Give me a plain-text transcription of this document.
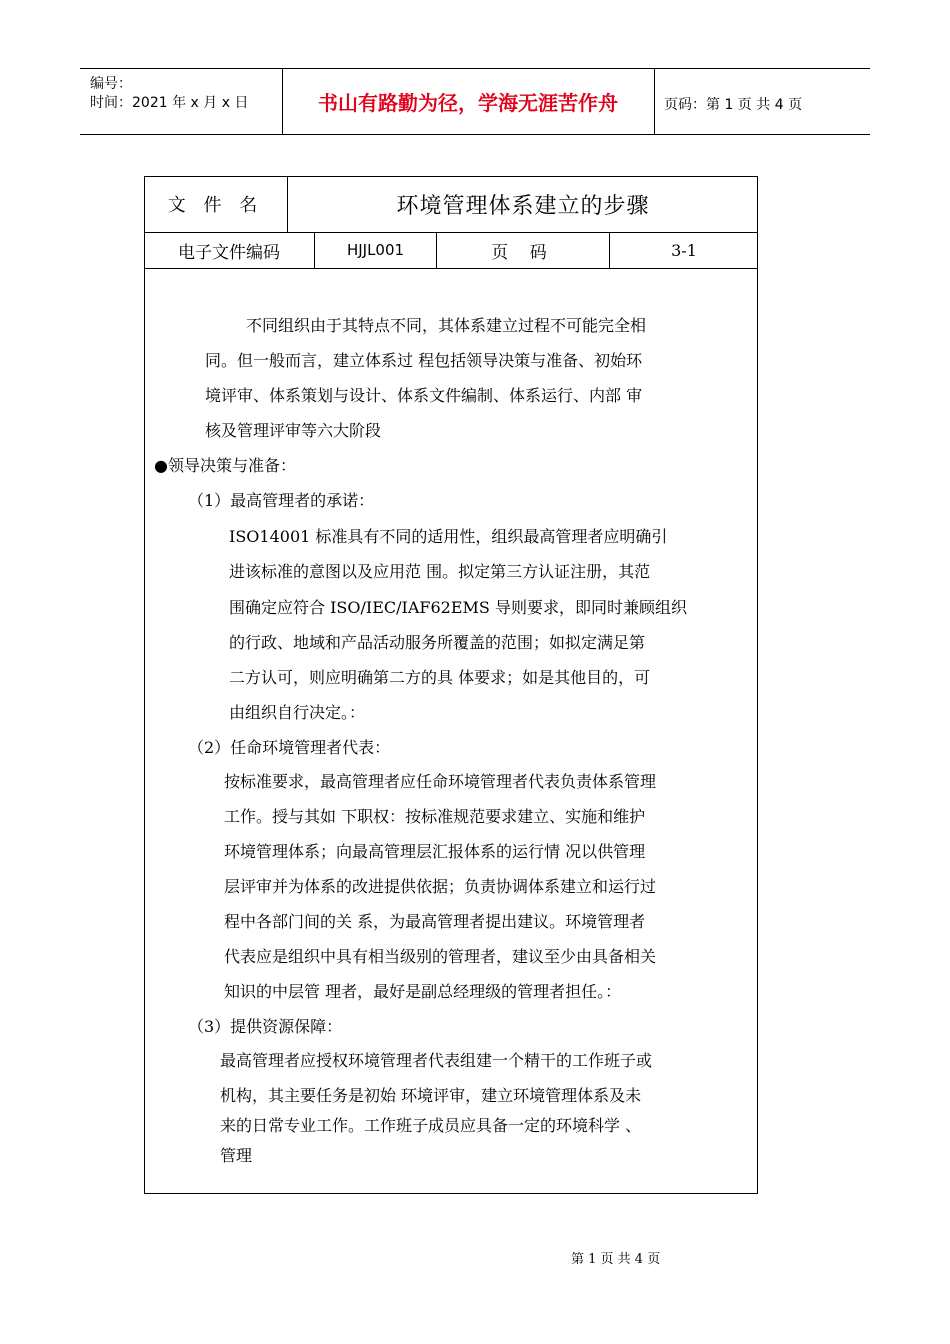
编号：
时间：2021 年 x 月 x 日	书山有路勤为径，学海无涯苦作舟	页码：第 1 页 共 4 页
文 件 名	环境管理体系建立的步骤
电子文件编码	HJJL001	页 码	3-1
不同组织由于其特点不同，其体系建立过程不可能完全相
同。但一般而言，建立体系过 程包括领导决策与准备、初始环
境评审、体系策划与设计、体系文件编制、体系运行、内部 审
核及管理评审等六大阶段
●领导决策与准备：
（1）最高管理者的承诺：
ISO14001 标准具有不同的适用性，组织最高管理者应明确引
进该标准的意图以及应用范 围。拟定第三方认证注册，其范
围确定应符合 ISO/IEC/IAF62EMS 导则要求，即同时兼顾组织
的行政、地域和产品活动服务所覆盖的范围；如拟定满足第
二方认可，则应明确第二方的具 体要求；如是其他目的，可
由组织自行决定。：
（2）任命环境管理者代表：
按标准要求，最高管理者应任命环境管理者代表负责体系管理
工作。授与其如 下职权：按标准规范要求建立、实施和维护
环境管理体系；向最高管理层汇报体系的运行情 况以供管理
层评审并为体系的改进提供依据；负责协调体系建立和运行过
程中各部门间的关 系，为最高管理者提出建议。环境管理者
代表应是组织中具有相当级别的管理者，建议至少由具备相关
知识的中层管 理者，最好是副总经理级的管理者担任。：
（3）提供资源保障：
最高管理者应授权环境管理者代表组建一个精干的工作班子或
机构，其主要任务是初始 环境评审，建立环境管理体系及未
来的日常专业工作。工作班子成员应具备一定的环境科学 、
管理
第 1 页 共 4 页
